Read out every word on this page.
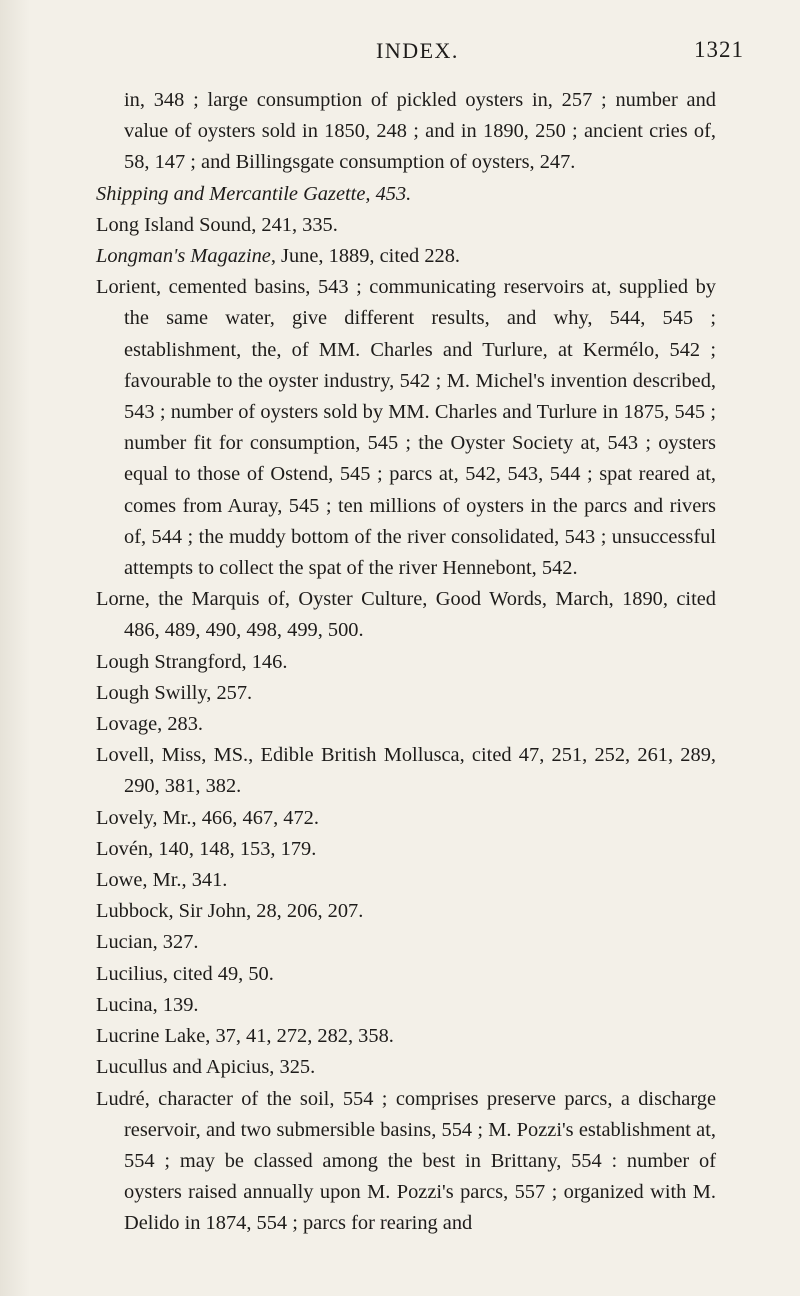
INDEX.	1321

in, 348 ; large consumption of pickled oysters in, 257 ; number and value of oysters sold in 1850, 248 ; and in 1890, 250 ; ancient cries of, 58, 147 ; and Billingsgate consumption of oysters, 247.

Shipping and Mercantile Gazette, 453.

Long Island Sound, 241, 335.

Longman's Magazine, June, 1889, cited 228.

Lorient, cemented basins, 543 ; communicating reservoirs at, supplied by the same water, give different results, and why, 544, 545 ; establishment, the, of MM. Charles and Turlure, at Kermélo, 542 ; favourable to the oyster industry, 542 ; M. Michel's invention described, 543 ; number of oysters sold by MM. Charles and Turlure in 1875, 545 ; number fit for consumption, 545 ; the Oyster Society at, 543 ; oysters equal to those of Ostend, 545 ; parcs at, 542, 543, 544 ; spat reared at, comes from Auray, 545 ; ten millions of oysters in the parcs and rivers of, 544 ; the muddy bottom of the river consolidated, 543 ; unsuccessful attempts to collect the spat of the river Hennebont, 542.

Lorne, the Marquis of, Oyster Culture, Good Words, March, 1890, cited 486, 489, 490, 498, 499, 500.

Lough Strangford, 146.

Lough Swilly, 257.

Lovage, 283.

Lovell, Miss, MS., Edible British Mollusca, cited 47, 251, 252, 261, 289, 290, 381, 382.

Lovely, Mr., 466, 467, 472.

Lovén, 140, 148, 153, 179.

Lowe, Mr., 341.

Lubbock, Sir John, 28, 206, 207.

Lucian, 327.

Lucilius, cited 49, 50.

Lucina, 139.

Lucrine Lake, 37, 41, 272, 282, 358.

Lucullus and Apicius, 325.

Ludré, character of the soil, 554 ; comprises preserve parcs, a discharge reservoir, and two submersible basins, 554 ; M. Pozzi's establishment at, 554 ; may be classed among the best in Brittany, 554 : number of oysters raised annually upon M. Pozzi's parcs, 557 ; organized with M. Delido in 1874, 554 ; parcs for rearing and
